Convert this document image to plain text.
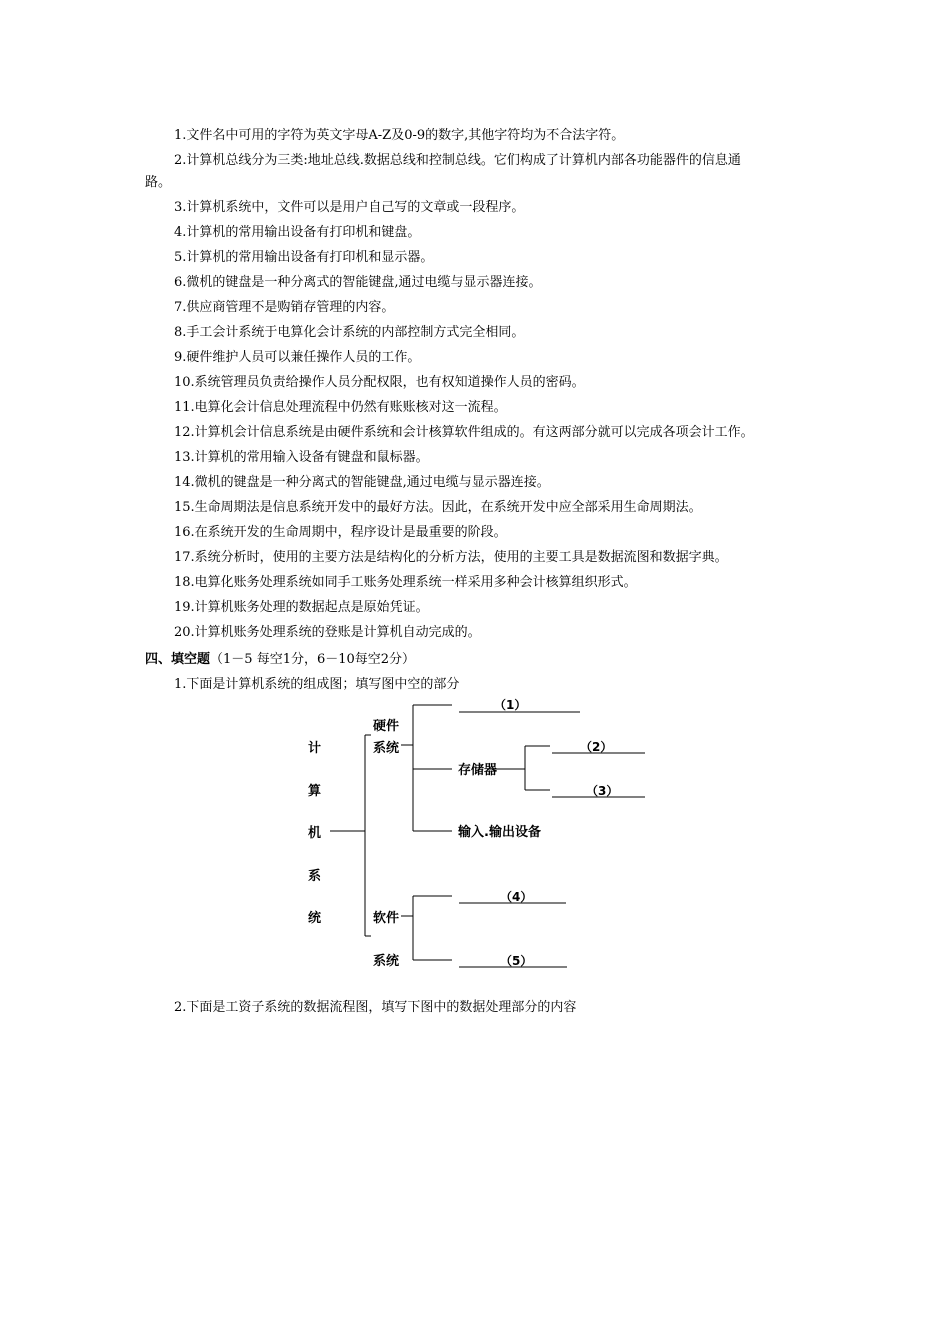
1.文件名中可用的字符为英文字母A-Z及0-9的数字,其他字符均为不合法字符。
2.计算机总线分为三类:地址总线.数据总线和控制总线。它们构成了计算机内部各功能器件的信息通
路。
3.计算机系统中，文件可以是用户自己写的文章或一段程序。
4.计算机的常用输出设备有打印机和键盘。
5.计算机的常用输出设备有打印机和显示器。
6.微机的键盘是一种分离式的智能键盘,通过电缆与显示器连接。
7.供应商管理不是购销存管理的内容。
8.手工会计系统于电算化会计系统的内部控制方式完全相同。
9.硬件维护人员可以兼任操作人员的工作。
10.系统管理员负责给操作人员分配权限，也有权知道操作人员的密码。
11.电算化会计信息处理流程中仍然有账账核对这一流程。
12.计算机会计信息系统是由硬件系统和会计核算软件组成的。有这两部分就可以完成各项会计工作。
13.计算机的常用输入设备有键盘和鼠标器。
14.微机的键盘是一种分离式的智能键盘,通过电缆与显示器连接。
15.生命周期法是信息系统开发中的最好方法。因此，在系统开发中应全部采用生命周期法。
16.在系统开发的生命周期中，程序设计是最重要的阶段。
17.系统分析时，使用的主要方法是结构化的分析方法，使用的主要工具是数据流图和数据字典。
18.电算化账务处理系统如同手工账务处理系统一样采用多种会计核算组织形式。
19.计算机账务处理的数据起点是原始凭证。
20.计算机账务处理系统的登账是计算机自动完成的。
四、填空题（1－5 每空1分，6－10每空2分）
1.下面是计算机系统的组成图；填写图中空的部分
计
算
机
系
统
硬件
系统
软件
系统
存储器
输入.输出设备
（1）
（2）
（3）
（4）
（5）
2.下面是工资子系统的数据流程图，填写下图中的数据处理部分的内容
